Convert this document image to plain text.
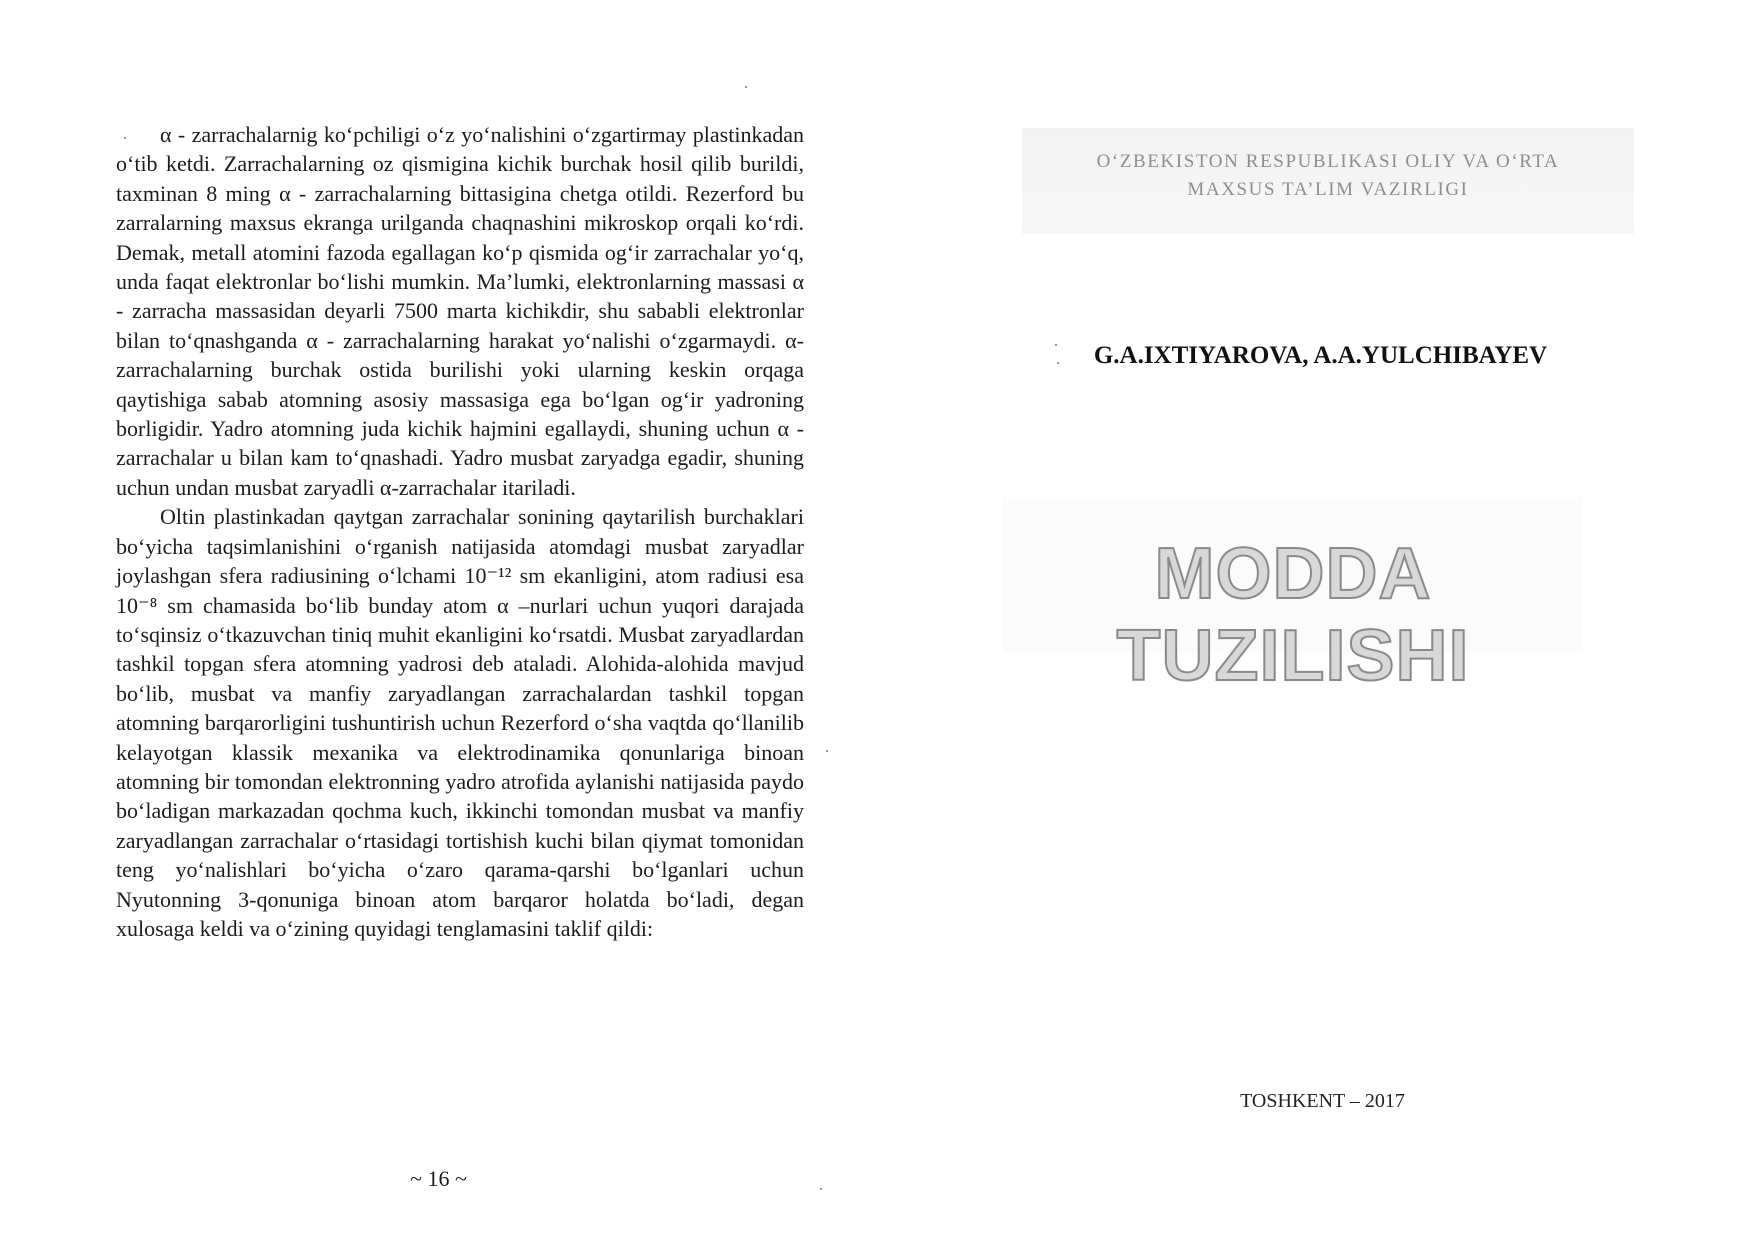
α - zarrachalarnig ko‘pchiligi o‘z yo‘nalishini o‘zgartirmay plastinkadan o‘tib ketdi. Zarrachalarning oz qismigina kichik burchak hosil qilib burildi, taxminan 8 ming α - zarrachalarning bittasigina chetga otildi. Rezerford bu zarralarning maxsus ekranga urilganda chaqnashini mikroskop orqali ko‘rdi. Demak, metall atomini fazoda egallagan ko‘p qismida og‘ir zarrachalar yo‘q, unda faqat elektronlar bo‘lishi mumkin. Ma’lumki, elektronlarning massasi α - zarracha massasidan deyarli 7500 marta kichikdir, shu sababli elektronlar bilan to‘qnashganda α - zarrachalarning harakat yo‘nalishi o‘zgarmaydi. α-zarrachalarning burchak ostida burilishi yoki ularning keskin orqaga qaytishiga sabab atomning asosiy massasiga ega bo‘lgan og‘ir yadroning borligidir. Yadro atomning juda kichik hajmini egallaydi, shuning uchun α - zarrachalar u bilan kam to‘qnashadi. Yadro musbat zaryadga egadir, shuning uchun undan musbat zaryadli α-zarrachalar itariladi.

Oltin plastinkadan qaytgan zarrachalar sonining qaytarilish burchaklari bo‘yicha taqsimlanishini o‘rganish natijasida atomdagi musbat zaryadlar joylashgan sfera radiusining o‘lchami 10⁻¹² sm ekanligini, atom radiusi esa 10⁻⁸ sm chamasida bo‘lib bunday atom α –nurlari uchun yuqori darajada to‘sqinsiz o‘tkazuvchan tiniq muhit ekanligini ko‘rsatdi. Musbat zaryadlardan tashkil topgan sfera atomning yadrosi deb ataladi. Alohida-alohida mavjud bo‘lib, musbat va manfiy zaryadlangan zarrachalardan tashkil topgan atomning barqarorligini tushuntirish uchun Rezerford o‘sha vaqtda qo‘llanilib kelayotgan klassik mexanika va elektrodinamika qonunlariga binoan atomning bir tomondan elektronning yadro atrofida aylanishi natijasida paydo bo‘ladigan markazadan qochma kuch, ikkinchi tomondan musbat va manfiy zaryadlangan zarrachalar o‘rtasidagi tortishish kuchi bilan qiymat tomonidan teng yo‘nalishlari bo‘yicha o‘zaro qarama-qarshi bo‘lganlari uchun Nyutonning 3-qonuniga binoan atom barqaror holatda bo‘ladi, degan xulosaga keldi va o‘zining quyidagi tenglamasini taklif qildi:

~ 16 ~
O‘ZBEKISTON RESPUBLIKASI OLIY VA O‘RTA
MAXSUS TA’LIM VAZIRLIGI
G.A.IXTIYAROVA, A.A.YULCHIBAYEV
MODDA TUZILISHI
TOSHKENT – 2017
